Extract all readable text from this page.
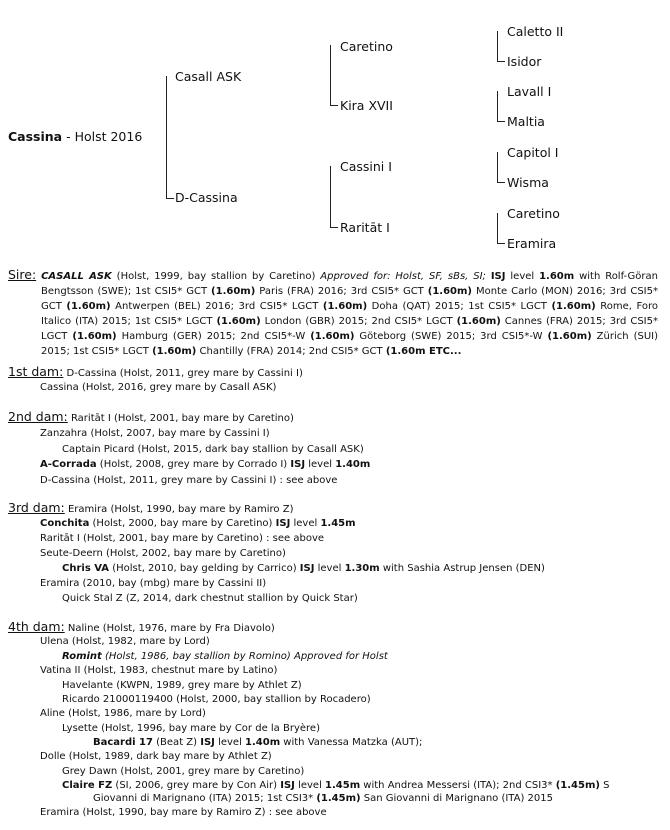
Cassina - Holst 2016
Casall ASK
D-Cassina
Caretino
Kira XVII
Cassini I
Raritāt I
Caletto II
Isidor
Lavall I
Maltia
Capitol I
Wisma
Caretino
Eramira
Sire: CASALL ASK (Holst, 1999, bay stallion by Caretino) Approved for: Holst, SF, sBs, SI; ISJ level 1.60m with Rolf-Göran Bengtsson (SWE); 1st CSI5* GCT (1.60m) Paris (FRA) 2016; 3rd CSI5* GCT (1.60m) Monte Carlo (MON) 2016; 3rd CSI5* GCT (1.60m) Antwerpen (BEL) 2016; 3rd CSI5* LGCT (1.60m) Doha (QAT) 2015; 1st CSI5* LGCT (1.60m) Rome, Foro Italico (ITA) 2015; 1st CSI5* LGCT (1.60m) London (GBR) 2015; 2nd CSI5* LGCT (1.60m) Cannes (FRA) 2015; 3rd CSI5* LGCT (1.60m) Hamburg (GER) 2015; 2nd CSI5*-W (1.60m) Göteborg (SWE) 2015; 3rd CSI5*-W (1.60m) Zürich (SUI) 2015; 1st CSI5* LGCT (1.60m) Chantilly (FRA) 2014; 2nd CSI5* GCT (1.60m ETC...
1st dam: D-Cassina (Holst, 2011, grey mare by Cassini I)
Cassina (Holst, 2016, grey mare by Casall ASK)
2nd dam: Raritāt I (Holst, 2001, bay mare by Caretino)
Zanzahra (Holst, 2007, bay mare by Cassini I)
Captain Picard (Holst, 2015, dark bay stallion by Casall ASK)
A-Corrada (Holst, 2008, grey mare by Corrado I) ISJ level 1.40m
D-Cassina (Holst, 2011, grey mare by Cassini I) : see above
3rd dam: Eramira (Holst, 1990, bay mare by Ramiro Z)
Conchita (Holst, 2000, bay mare by Caretino) ISJ level 1.45m
Raritāt I (Holst, 2001, bay mare by Caretino) : see above
Seute-Deern (Holst, 2002, bay mare by Caretino)
Chris VA (Holst, 2010, bay gelding by Carrico) ISJ level 1.30m with Sashia Astrup Jensen (DEN)
Eramira (2010, bay (mbg) mare by Cassini II)
Quick Stal Z (Z, 2014, dark chestnut stallion by Quick Star)
4th dam: Naline (Holst, 1976, mare by Fra Diavolo)
Ulena (Holst, 1982, mare by Lord)
Romint (Holst, 1986, bay stallion by Romino) Approved for Holst
Vatina II (Holst, 1983, chestnut mare by Latino)
Havelante (KWPN, 1989, grey mare by Athlet Z)
Ricardo 21000119400 (Holst, 2000, bay stallion by Rocadero)
Aline (Holst, 1986, mare by Lord)
Lysette (Holst, 1996, bay mare by Cor de la Bryère)
Bacardi 17 (Beat Z) ISJ level 1.40m with Vanessa Matzka (AUT);
Dolle (Holst, 1989, dark bay mare by Athlet Z)
Grey Dawn (Holst, 2001, grey mare by Caretino)
Claire FZ (SI, 2006, grey mare by Con Air) ISJ level 1.45m with Andrea Messersi (ITA); 2nd CSI3* (1.45m) S
Giovanni di Marignano (ITA) 2015; 1st CSI3* (1.45m) San Giovanni di Marignano (ITA) 2015
Eramira (Holst, 1990, bay mare by Ramiro Z) : see above
